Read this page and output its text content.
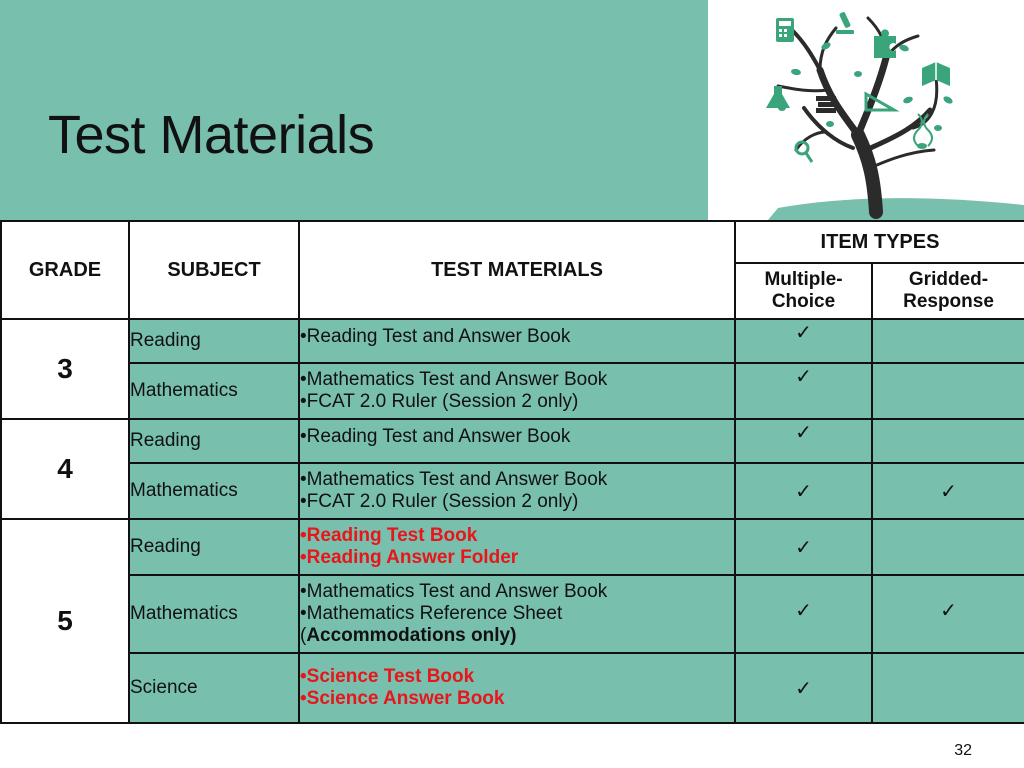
Test Materials
GRADE	SUBJECT	TEST MATERIALS	ITEM TYPES	
			Multiple-Choice	Gridded-Response
3	Reading	•Reading Test and Answer Book	✓	
	Mathematics	•Mathematics Test and Answer Book
•FCAT 2.0 Ruler (Session 2 only)	✓	
4	Reading	•Reading Test and Answer Book	✓	
	Mathematics	•Mathematics Test and Answer Book
•FCAT 2.0 Ruler (Session 2 only)	✓	✓
5	Reading	•Reading Test Book
•Reading Answer Folder	✓	
	Mathematics	•Mathematics Test and Answer Book
•Mathematics Reference Sheet
(Accommodations only)	✓	✓
	Science	•Science Test Book
•Science Answer Book	✓	
32
